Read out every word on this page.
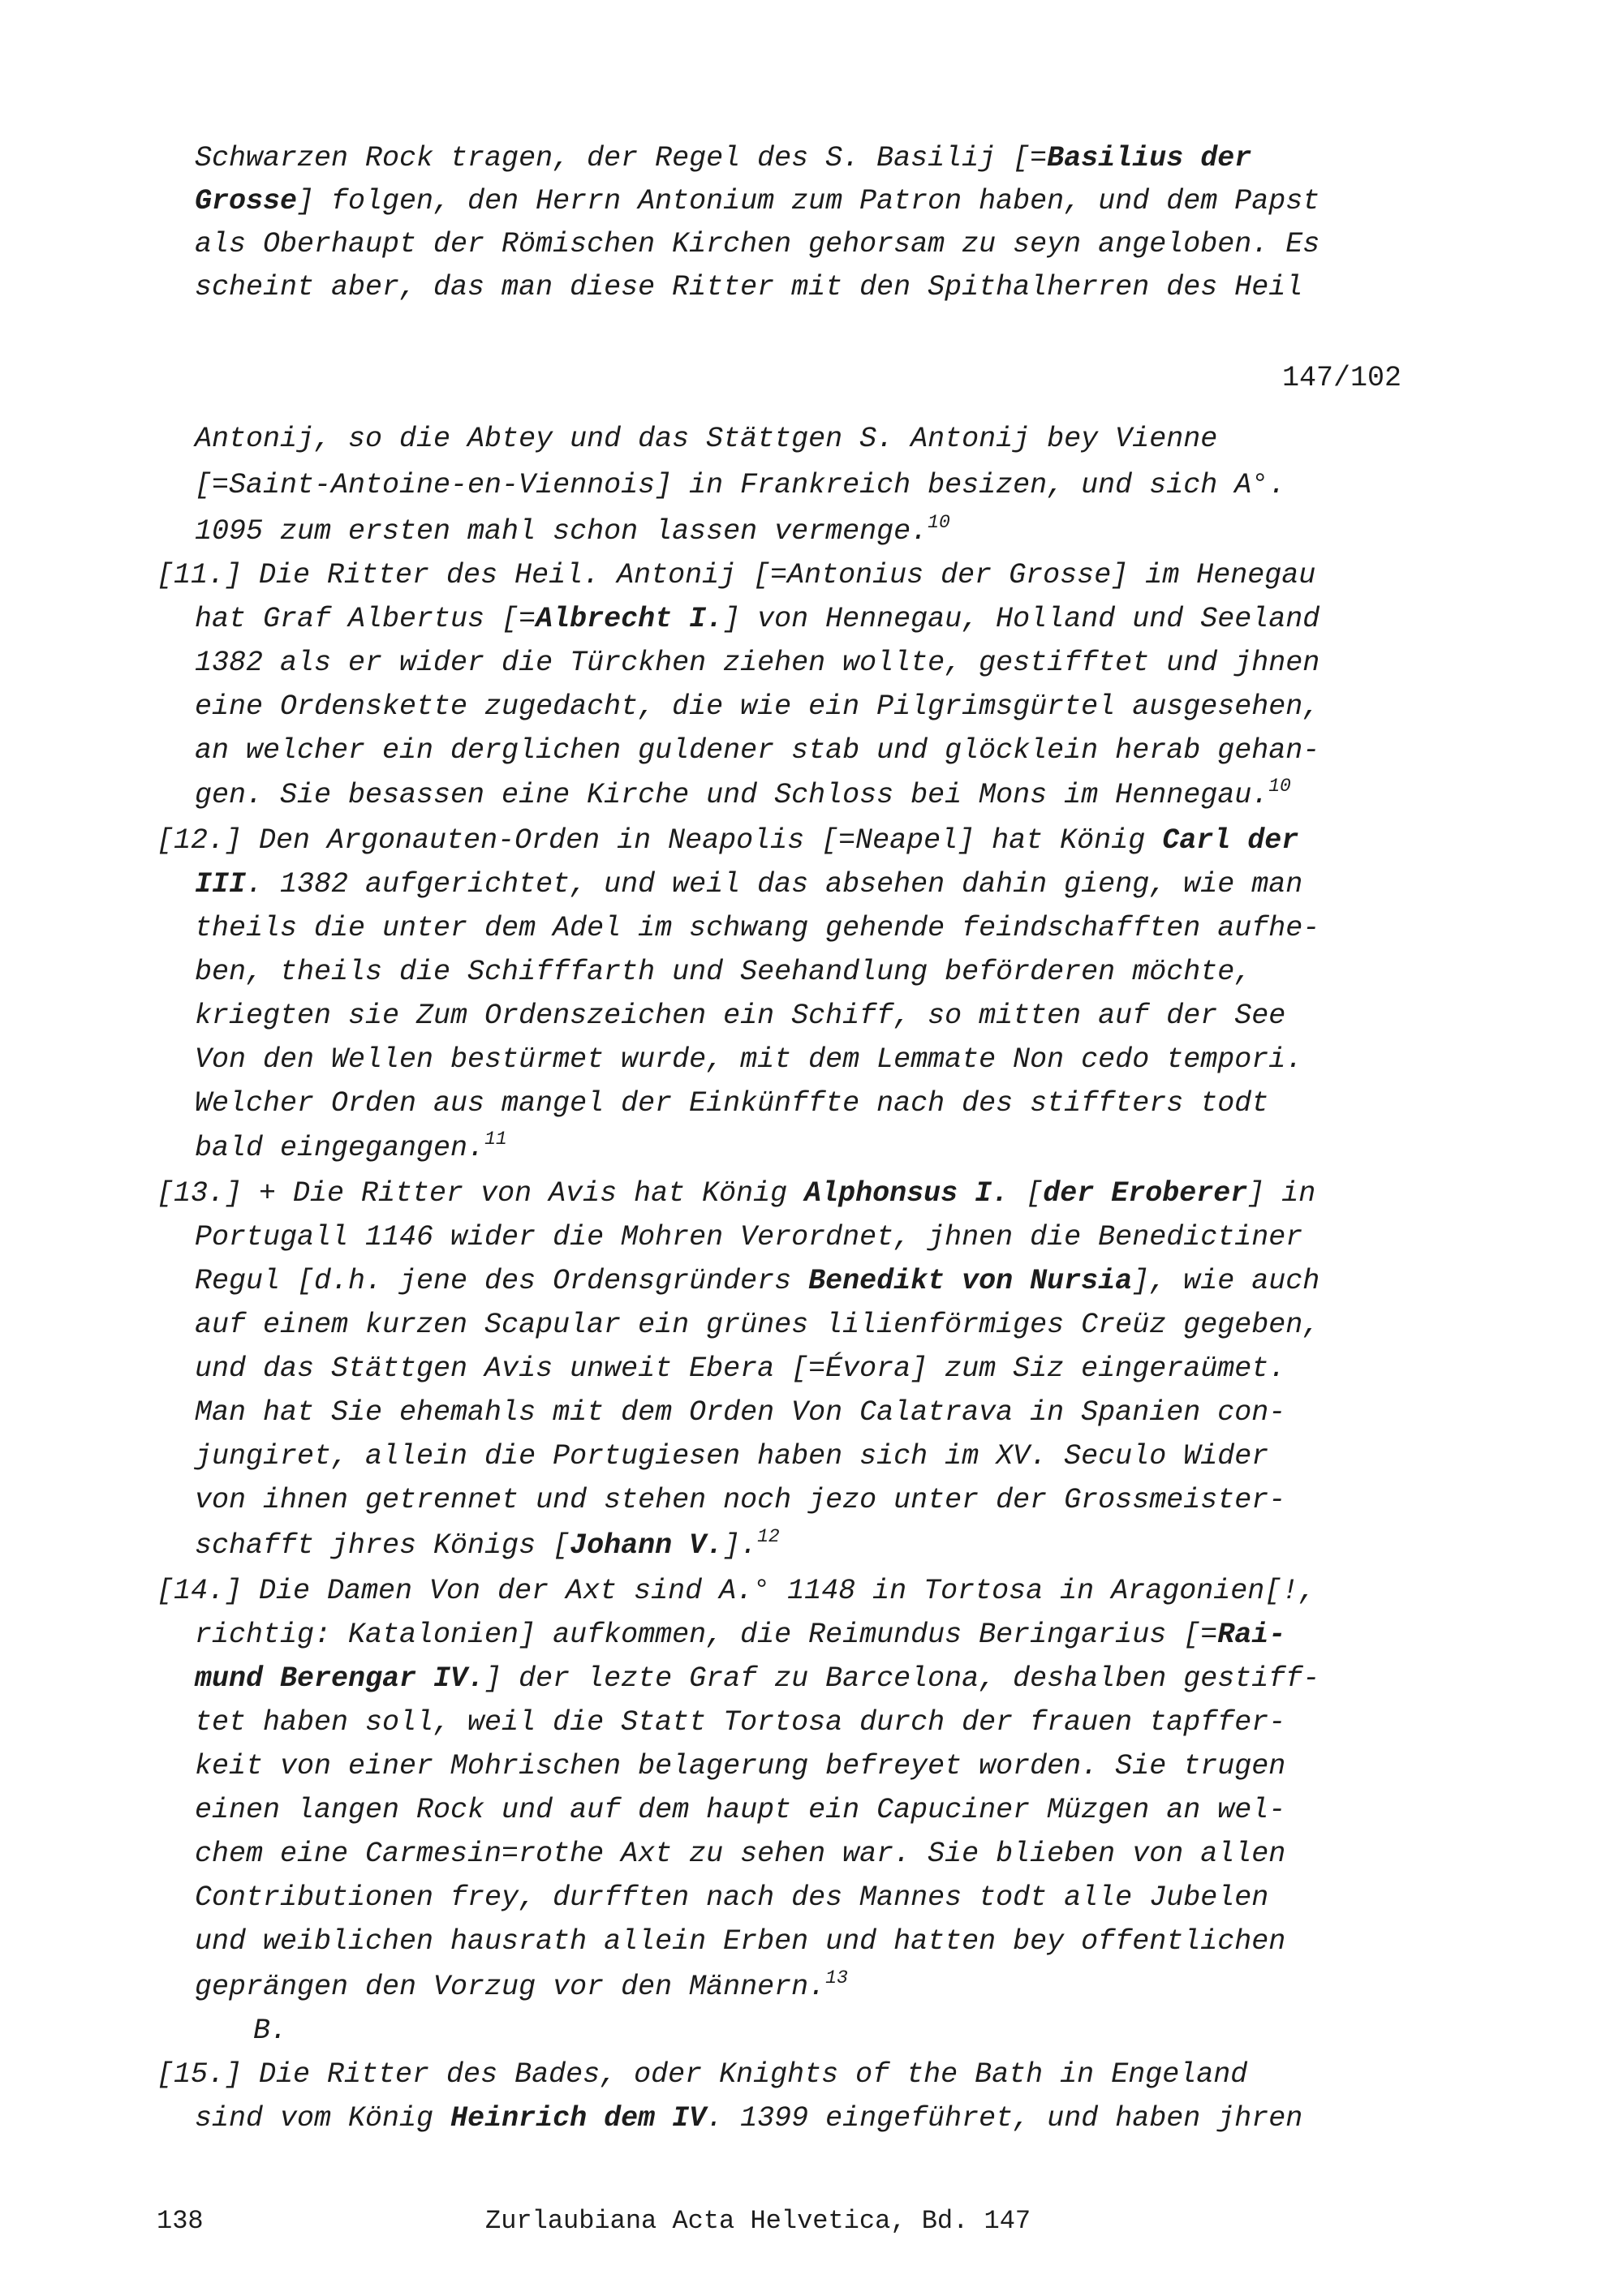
Schwarzen Rock tragen, der Regel des S. Basilij [=Basilius der
Grosse] folgen, den Herrn Antonium zum Patron haben, und dem Papst
als Oberhaupt der Römischen Kirchen gehorsam zu seyn angeloben. Es
scheint aber, das man diese Ritter mit den Spithalherren des Heil
147/102
Antonij, so die Abtey und das Stättgen S. Antonij bey Vienne
[=Saint-Antoine-en-Viennois] in Frankreich besizen, und sich A°.
1095 zum ersten mahl schon lassen vermenge.$^{10}$
[11.] Die Ritter des Heil. Antonij [=Antonius der Grosse] im Henegau
hat Graf Albertus [=Albrecht I.] von Hennegau, Holland und Seeland
1382 als er wider die Türckhen ziehen wollte, gestifftet und jhnen
eine Ordenskette zugedacht, die wie ein Pilgrimsgürtel ausgesehen,
an welcher ein derglichen guldener stab und glöcklein herab gehan-
gen. Sie besassen eine Kirche und Schloss bei Mons im Hennegau.$^{10}$
[12.] Den Argonauten-Orden in Neapolis [=Neapel] hat König Carl der
III. 1382 aufgerichtet, und weil das absehen dahin gieng, wie man
theils die unter dem Adel im schwang gehende feindschafften aufhe-
ben, theils die Schifffarth und Seehandlung beförderen möchte,
kriegten sie Zum Ordenszeichen ein Schiff, so mitten auf der See
Von den Wellen bestürmet wurde, mit dem Lemmate Non cedo tempori.
Welcher Orden aus mangel der Einkünffte nach des stiffters todt
bald eingegangen.$^{11}$
[13.] + Die Ritter von Avis hat König Alphonsus I. [der Eroberer] in
Portugall 1146 wider die Mohren Verordnet, jhnen die Benedictiner
Regul [d.h. jene des Ordensgründers Benedikt von Nursia], wie auch
auf einem kurzen Scapular ein grünes lilienförmiges Creüz gegeben,
und das Stättgen Avis unweit Ebera [=Évora] zum Siz eingeraümet.
Man hat Sie ehemahls mit dem Orden Von Calatrava in Spanien con-
jungiret, allein die Portugiesen haben sich im XV. Seculo Wider
von ihnen getrennet und stehen noch jezo unter der Grossmeister-
schafft jhres Königs [Johann V.].$^{12}$
[14.] Die Damen Von der Axt sind A.° 1148 in Tortosa in Aragonien[!,
richtig: Katalonien] aufkommen, die Reimundus Beringarius [=Rai-
mund Berengar IV.] der lezte Graf zu Barcelona, deshalben gestiff-
tet haben soll, weil die Statt Tortosa durch der frauen tapffer-
keit von einer Mohrischen belagerung befreyet worden. Sie trugen
einen langen Rock und auf dem haupt ein Capuciner Müzgen an wel-
chem eine Carmesin=rothe Axt zu sehen war. Sie blieben von allen
Contributionen frey, durfften nach des Mannes todt alle Jubelen
und weiblichen hausrath allein Erben und hatten bey offentlichen
geprängen den Vorzug vor den Männern.$^{13}$
B.
[15.] Die Ritter des Bades, oder Knights of the Bath in Engeland
sind vom König Heinrich dem IV. 1399 eingeführet, und haben jhren
138	Zurlaubiana Acta Helvetica, Bd. 147
